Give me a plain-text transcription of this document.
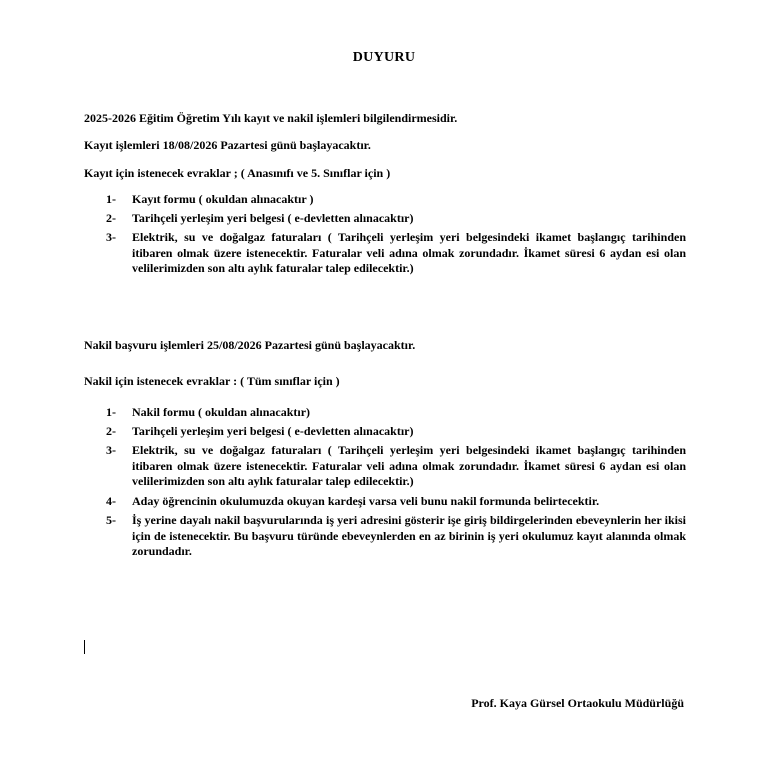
DUYURU
2025-2026 Eğitim Öğretim Yılı kayıt ve nakil işlemleri bilgilendirmesidir.
Kayıt işlemleri 18/08/2026 Pazartesi günü başlayacaktır.
Kayıt için istenecek evraklar ; ( Anasınıfı ve 5. Sınıflar için )
1- Kayıt formu ( okuldan alınacaktır )
2- Tarihçeli yerleşim yeri belgesi ( e-devletten alınacaktır)
3- Elektrik, su ve doğalgaz faturaları ( Tarihçeli yerleşim yeri belgesindeki ikamet başlangıç tarihinden itibaren olmak üzere istenecektir. Faturalar veli adına olmak zorundadır. İkamet süresi 6 aydan esi olan velilerimizden son altı aylık faturalar talep edilecektir.)
Nakil başvuru işlemleri 25/08/2026 Pazartesi günü başlayacaktır.
Nakil için istenecek evraklar : ( Tüm sınıflar için )
1- Nakil formu ( okuldan alınacaktır)
2- Tarihçeli yerleşim yeri belgesi ( e-devletten alınacaktır)
3- Elektrik, su ve doğalgaz faturaları ( Tarihçeli yerleşim yeri belgesindeki ikamet başlangıç tarihinden itibaren olmak üzere istenecektir. Faturalar veli adına olmak zorundadır. İkamet süresi 6 aydan esi olan velilerimizden son altı aylık faturalar talep edilecektir.)
4- Aday öğrencinin okulumuzda okuyan kardeşi varsa veli bunu nakil formunda belirtecektir.
5- İş yerine dayalı nakil başvurularında iş yeri adresini gösterir işe giriş bildirgelerinden ebeveynlerin her ikisi için de istenecektir. Bu başvuru türünde ebeveynlerden en az birinin iş yeri okulumuz kayıt alanında olmak zorundadır.
Prof. Kaya Gürsel Ortaokulu Müdürlüğü
